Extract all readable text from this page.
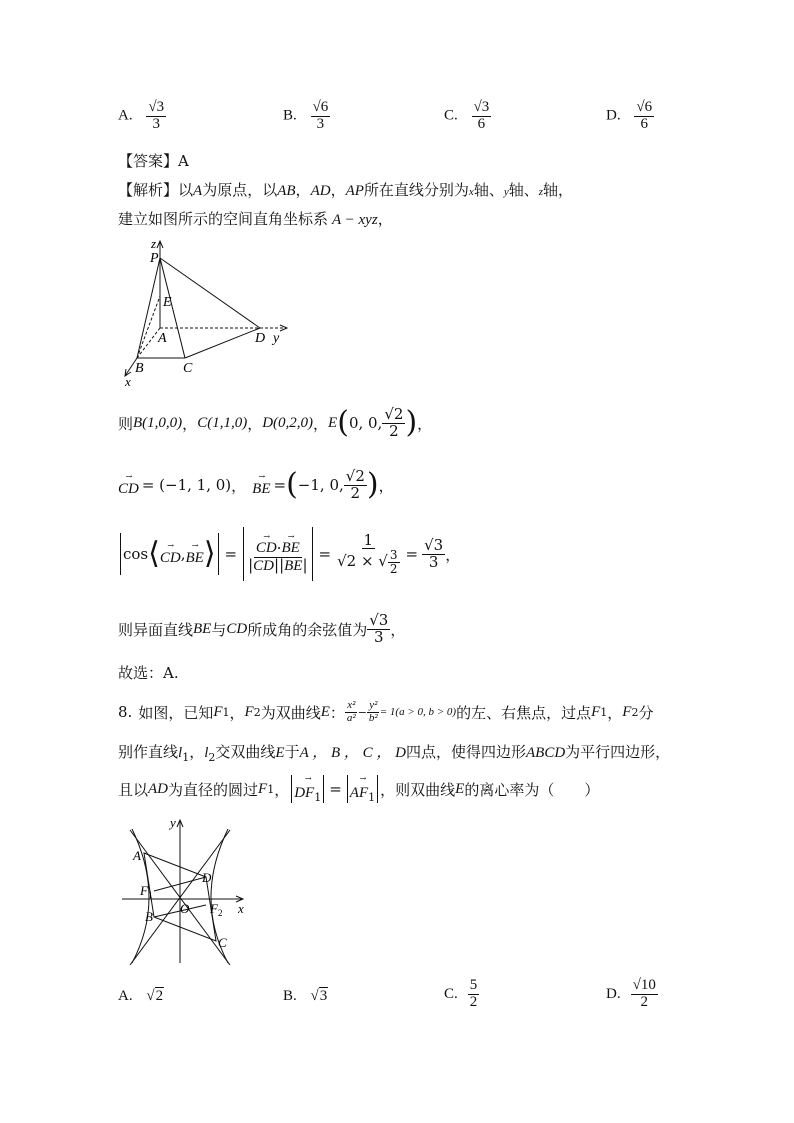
A. $\frac{√3}{3}$	B. $\frac{√6}{3}$	C. $\frac{√3}{6}$	D. $\frac{√6}{6}$
【答案】A
【解析】以A为原点，以AB，AD，AP所在直线分别为x轴、y轴、z轴，
建立如图所示的空间直角坐标系 A − xyz，
z
P
E
A	D y
B	C
x
则 B(1,0,0) ， C(1,1,0) ， D(0,2,0) ， E ( 0, 0, $\frac{√2}{2}$ ) ，
→
CD = (−1, 1, 0) ，
→
BE = ( −1, 0, $\frac{√2}{2}$ ) ，
cos ⟨ →
CD , →
BE ⟩ = →
CD ·
→
BE
$|CD||BE| = \frac{1}{√2 \times √ \frac{3}{2}} = \frac{√3}{3}$ ，
则异面直线 BE 与 CD 所成角的余弦值为 $\frac{√3}{3}$ ，
故选：A.
8. 如图，已知 F 1 ， F 2 为双曲线 E ： $\frac{\text{x²}}{\text{a²}} - \frac{\text{y²}}{\text{b²}} = 1(a > 0$, b > 0) 的左、右焦点，过点 F 1 ， F 2 分
别作直线$l_1$，$l_2$交双曲线E于A ， B ， C ， D四点，使得四边形ABCD为平行四边形，
且以 AD 为直径的圆过 F 1 ，
→
$DF_1$ =
→
$AF_1$ ，则双曲线 E 的离心率为（　　）
A
y
F 1
D
O F 2 x
B
C
A. √2	B. √3	C. $\frac{5}{2}$	D. $\frac{√10}{2}$
